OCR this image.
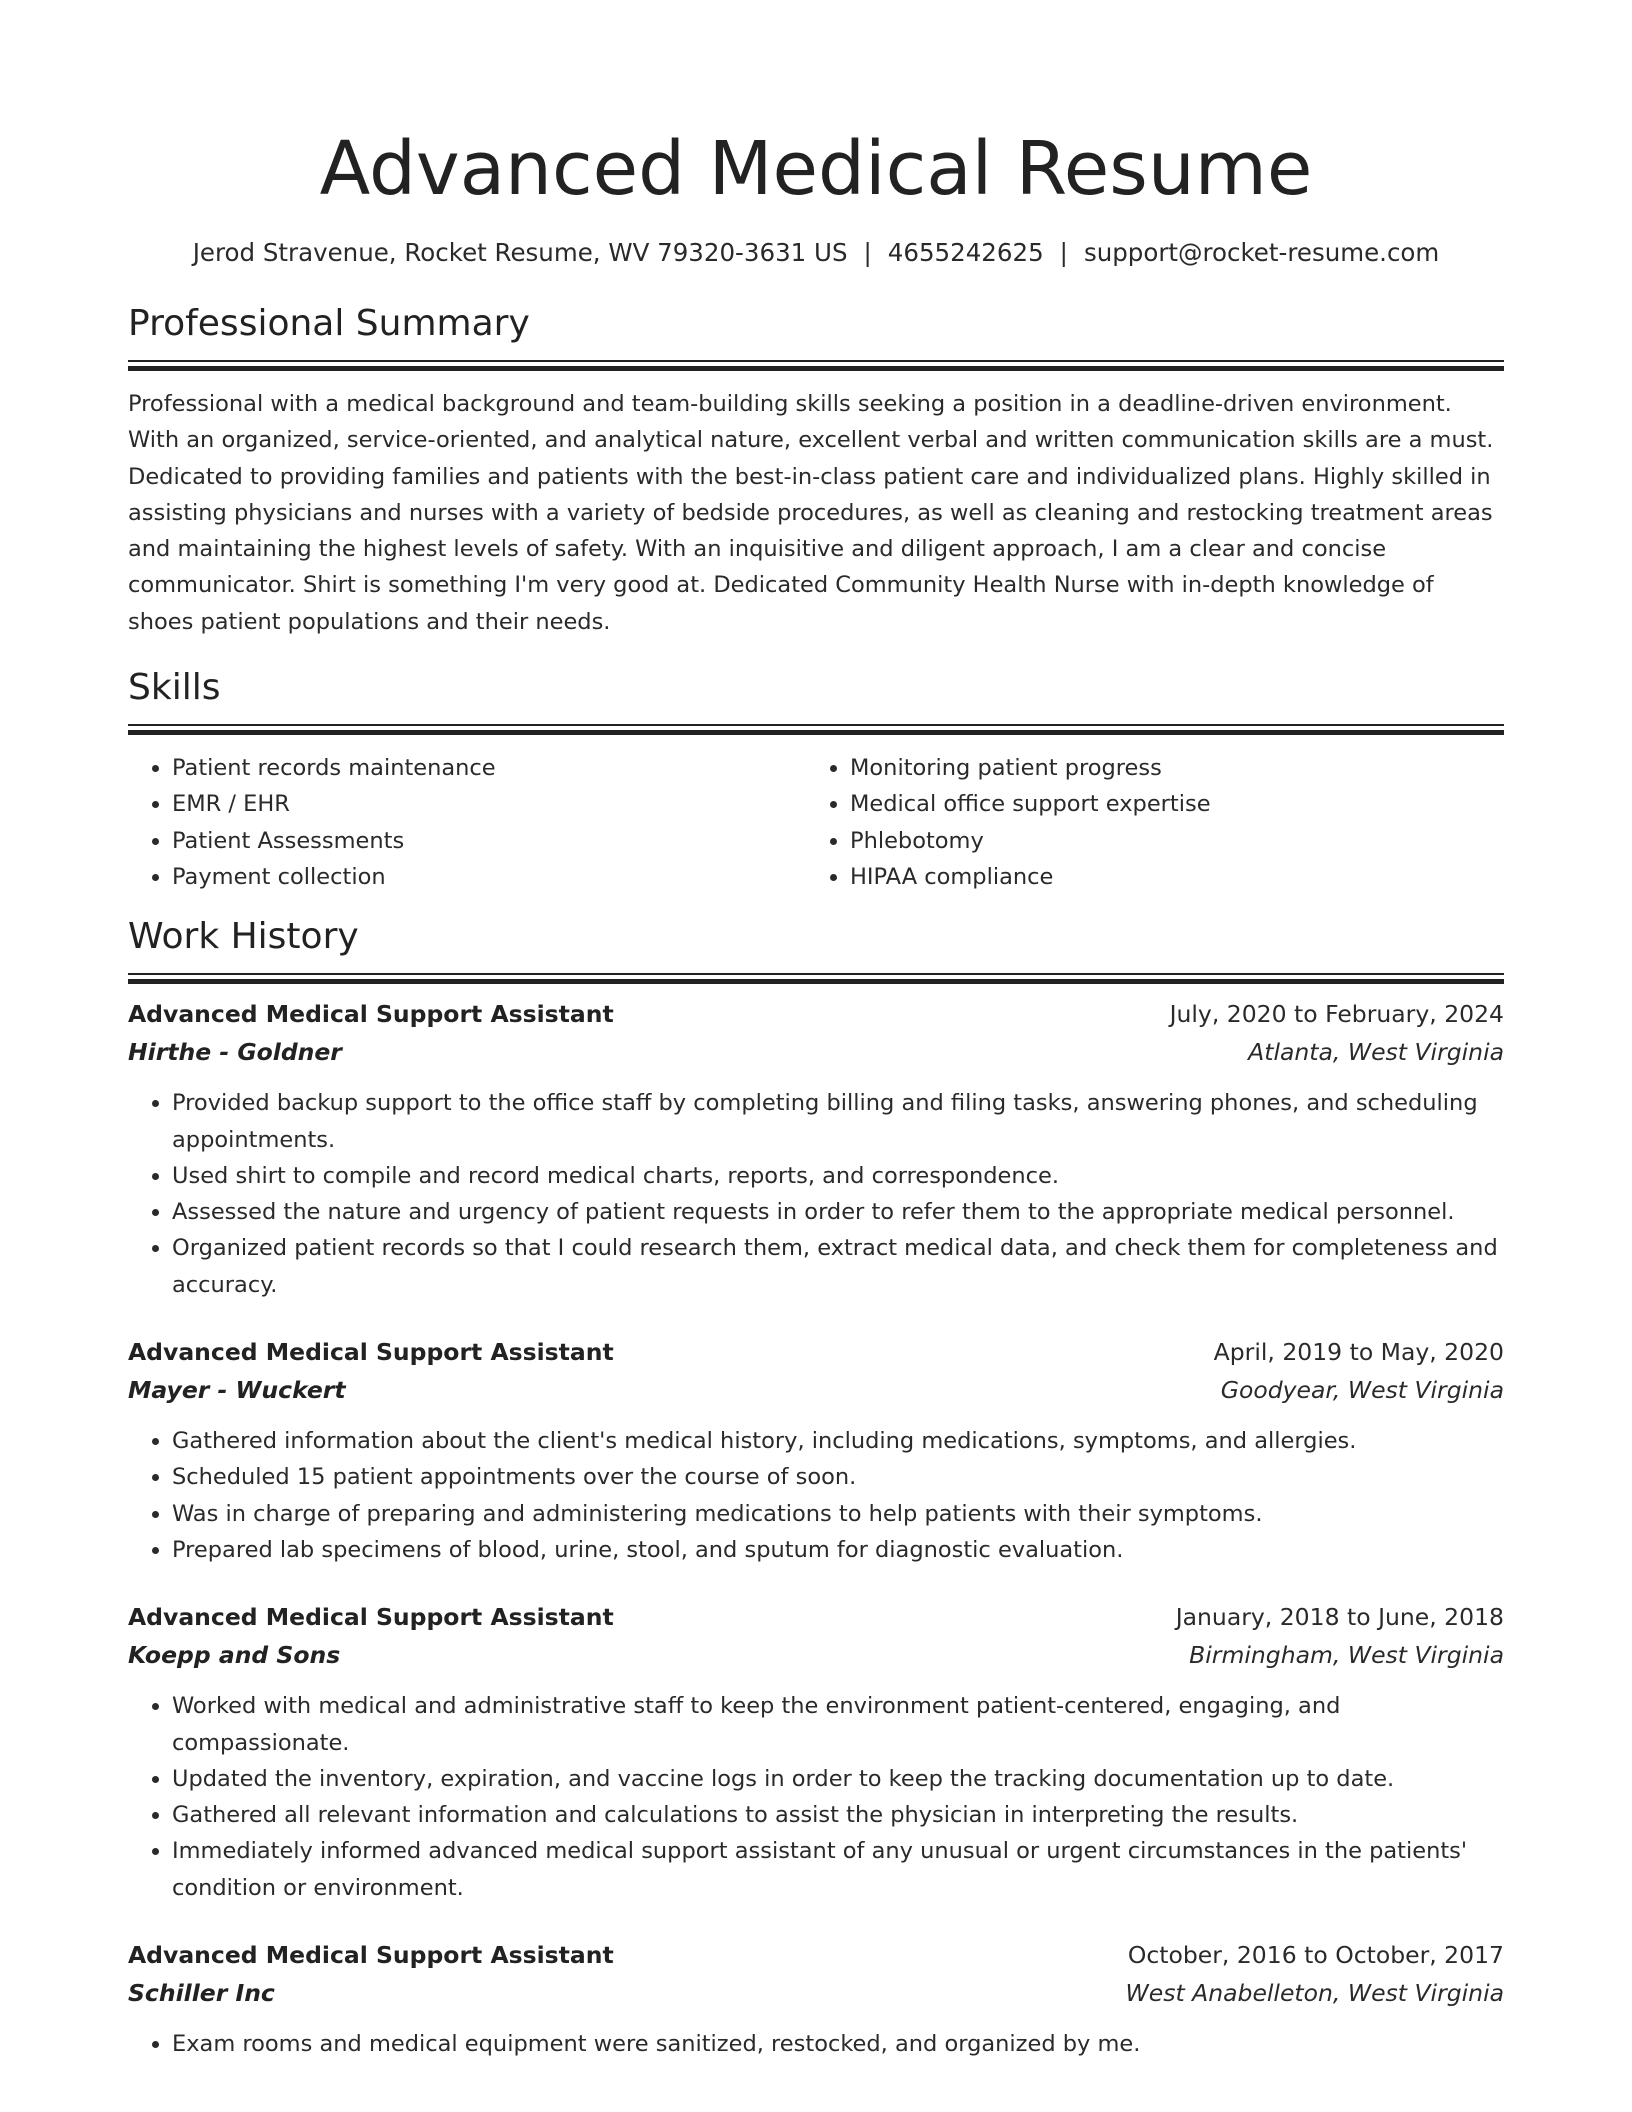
Advanced Medical Resume
Jerod Stravenue, Rocket Resume, WV 79320-3631 US | 4655242625 | support@rocket-resume.com
Professional Summary

Professional with a medical background and team-building skills seeking a position in a deadline-driven environment. With an organized, service-oriented, and analytical nature, excellent verbal and written communication skills are a must. Dedicated to providing families and patients with the best-in-class patient care and individualized plans. Highly skilled in assisting physicians and nurses with a variety of bedside procedures, as well as cleaning and restocking treatment areas and maintaining the highest levels of safety. With an inquisitive and diligent approach, I am a clear and concise communicator. Shirt is something I'm very good at. Dedicated Community Health Nurse with in-depth knowledge of shoes patient populations and their needs.

Skills
• Patient records maintenance
• EMR / EHR
• Patient Assessments
• Payment collection
• Monitoring patient progress
• Medical office support expertise
• Phlebotomy
• HIPAA compliance
Work History
Advanced Medical Support Assistant	July, 2020 to February, 2024
Hirthe - Goldner	Atlanta, West Virginia
• Provided backup support to the office staff by completing billing and filing tasks, answering phones, and scheduling appointments.
• Used shirt to compile and record medical charts, reports, and correspondence.
• Assessed the nature and urgency of patient requests in order to refer them to the appropriate medical personnel.
• Organized patient records so that I could research them, extract medical data, and check them for completeness and accuracy.
Advanced Medical Support Assistant	April, 2019 to May, 2020
Mayer - Wuckert	Goodyear, West Virginia
• Gathered information about the client's medical history, including medications, symptoms, and allergies.
• Scheduled 15 patient appointments over the course of soon.
• Was in charge of preparing and administering medications to help patients with their symptoms.
• Prepared lab specimens of blood, urine, stool, and sputum for diagnostic evaluation.
Advanced Medical Support Assistant	January, 2018 to June, 2018
Koepp and Sons	Birmingham, West Virginia
• Worked with medical and administrative staff to keep the environment patient-centered, engaging, and compassionate.
• Updated the inventory, expiration, and vaccine logs in order to keep the tracking documentation up to date.
• Gathered all relevant information and calculations to assist the physician in interpreting the results.
• Immediately informed advanced medical support assistant of any unusual or urgent circumstances in the patients' condition or environment.
Advanced Medical Support Assistant	October, 2016 to October, 2017
Schiller Inc	West Anabelleton, West Virginia
• Exam rooms and medical equipment were sanitized, restocked, and organized by me.
